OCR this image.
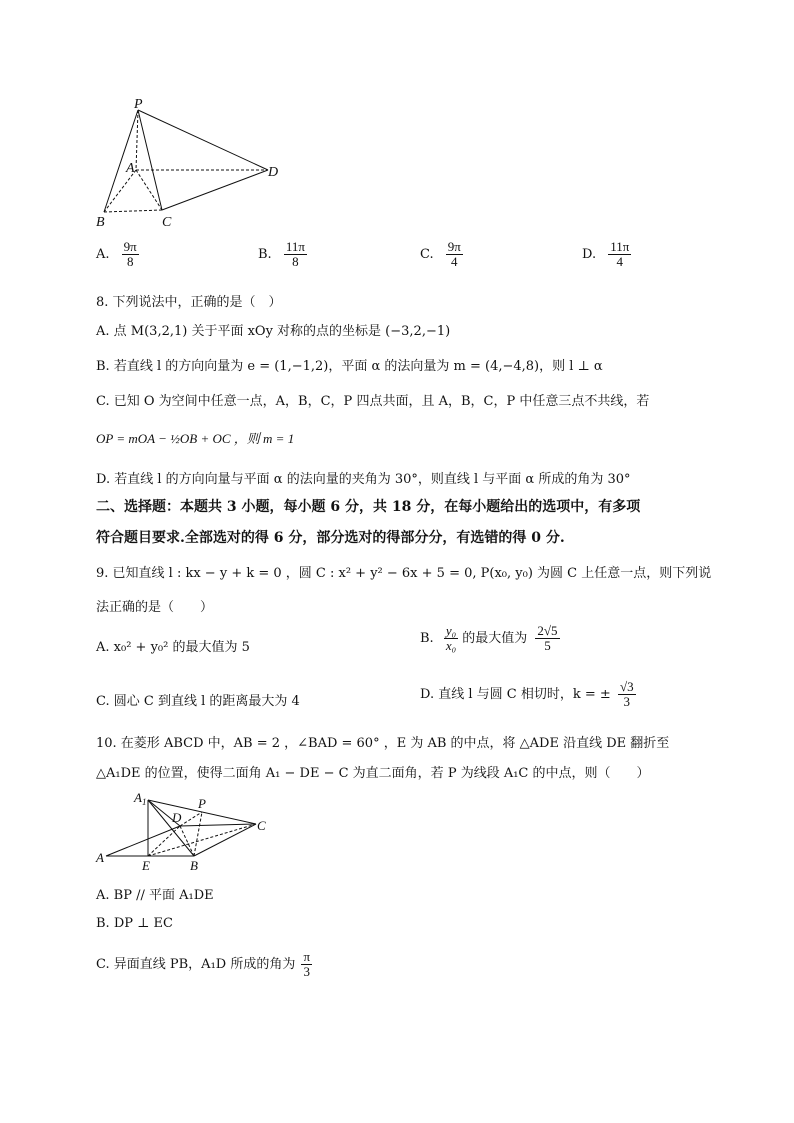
P
A	D
B	C
A. $\frac{9\pi}{8}$	B. $\frac{11\pi}{8}$	C. $\frac{9\pi}{4}$	D. $\frac{11\pi}{4}$
8. 下列说法中，正确的是（　）
A. 点 M(3,2,1) 关于平面 xOy 对称的点的坐标是 (−3,2,−1)
B. 若直线 l 的方向向量为 e = (1,−1,2)，平面 α 的法向量为 m = (4,−4,8)，则 l ⊥ α
C. 已知 O 为空间中任意一点，A，B，C，P 四点共面，且 A，B，C，P 中任意三点不共线，若
OP = mOA − ½OB + OC ，则 m = 1
D. 若直线 l 的方向向量与平面 α 的法向量的夹角为 30°，则直线 l 与平面 α 所成的角为 30°
二、选择题：本题共 3 小题，每小题 6 分，共 18 分，在每小题给出的选项中，有多项
符合题目要求.全部选对的得 6 分，部分选对的得部分分，有选错的得 0 分.
9. 已知直线 l : kx − y + k = 0 ，圆 C : x² + y² − 6x + 5 = 0, P(x₀, y₀) 为圆 C 上任意一点，则下列说
法正确的是（　　）
A. x₀² + y₀² 的最大值为 5
B. $\frac{\text{y₀}}{\text{x₀}}$ 的最大值为 $\frac{2√5}{5}$
C. 圆心 C 到直线 l 的距离最大为 4	D. 直线 l 与圆 C 相切时，k = ± $\frac{√3}{3}$
10. 在菱形 ABCD 中，AB = 2 ，∠BAD = 60° ，E 为 AB 的中点，将 △ADE 沿直线 DE 翻折至
△A₁DE 的位置，使得二面角 A₁ − DE − C 为直二面角，若 P 为线段 A₁C 的中点，则（　　）
$A_1$	P
D
C
A
E	B
A. BP // 平面 A₁DE
B. DP ⊥ EC
C. 异面直线 PB，A₁D 所成的角为 $\frac{\pi}{3}$
